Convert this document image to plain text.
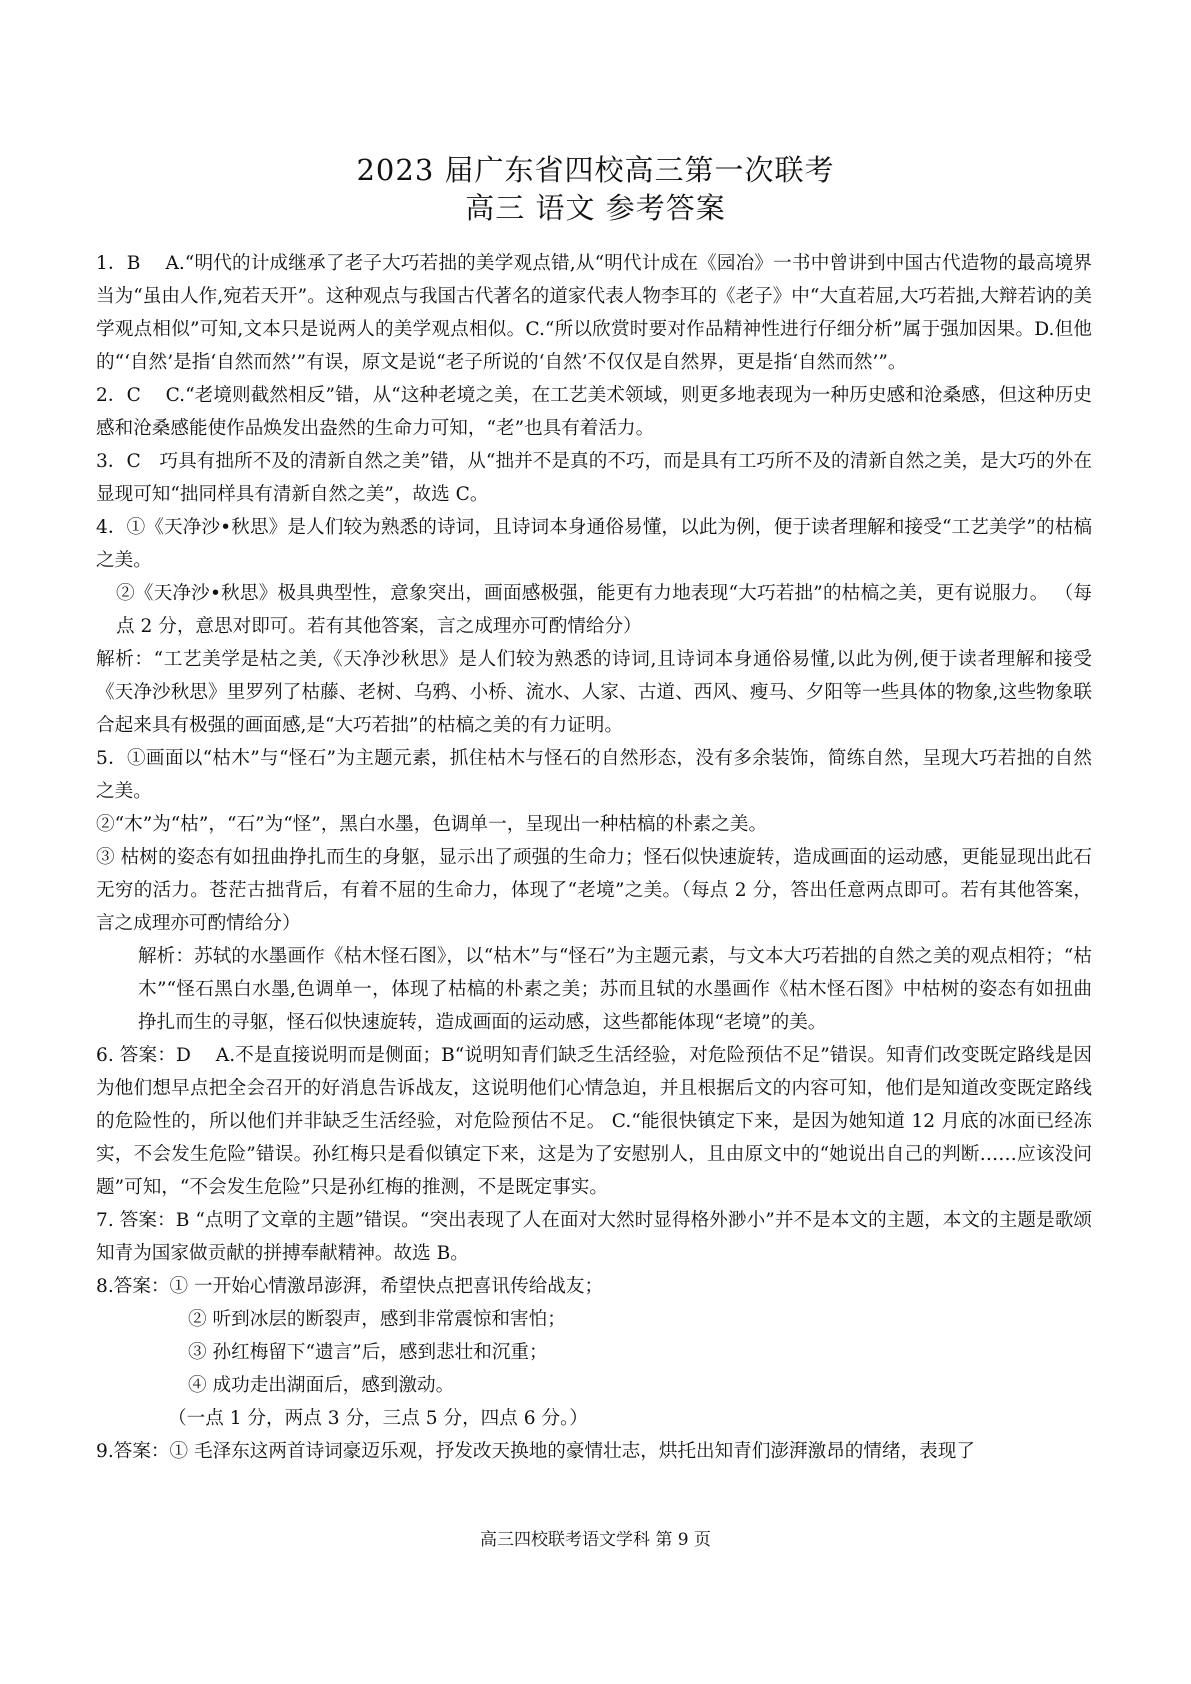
2023 届广东省四校高三第一次联考
高三 语文 参考答案

1．B　 A.“明代的计成继承了老子大巧若拙的美学观点错,从“明代计成在《园冶》一书中曾讲到中国古代造物的最高境界当为“虽由人作,宛若天开”。这种观点与我国古代著名的道家代表人物李耳的《老子》中“大直若屈,大巧若拙,大辩若讷的美学观点相似”可知,文本只是说两人的美学观点相似。C.“所以欣赏时要对作品精神性进行仔细分析”属于强加因果。D.但他的“‘自然’是指‘自然而然’”有误，原文是说“老子所说的‘自然’不仅仅是自然界，更是指‘自然而然’”。

2．C　 C.“老境则截然相反”错，从“这种老境之美，在工艺美术领域，则更多地表现为一种历史感和沧桑感，但这种历史感和沧桑感能使作品焕发出盎然的生命力可知，“老”也具有着活力。

3．C　巧具有拙所不及的清新自然之美”错，从“拙并不是真的不巧，而是具有工巧所不及的清新自然之美，是大巧的外在显现可知“拙同样具有清新自然之美”，故选 C。

4．①《天净沙•秋思》是人们较为熟悉的诗词，且诗词本身通俗易懂，以此为例，便于读者理解和接受“工艺美学”的枯槁之美。

②《天净沙•秋思》极具典型性，意象突出，画面感极强，能更有力地表现“大巧若拙”的枯槁之美，更有说服力。 （每点 2 分，意思对即可。若有其他答案，言之成理亦可酌情给分）

解析：“工艺美学是枯之美,《天净沙秋思》是人们较为熟悉的诗词,且诗词本身通俗易懂,以此为例,便于读者理解和接受《天净沙秋思》里罗列了枯藤、老树、乌鸦、小桥、流水、人家、古道、西风、瘦马、夕阳等一些具体的物象,这些物象联合起来具有极强的画面感,是“大巧若拙”的枯槁之美的有力证明。

5．①画面以“枯木”与“怪石”为主题元素，抓住枯木与怪石的自然形态，没有多余装饰，简练自然，呈现大巧若拙的自然之美。

②“木”为“枯”，“石”为“怪”，黑白水墨，色调单一，呈现出一种枯槁的朴素之美。

③ 枯树的姿态有如扭曲挣扎而生的身躯，显示出了顽强的生命力；怪石似快速旋转，造成画面的运动感，更能显现出此石无穷的活力。苍茫古拙背后，有着不屈的生命力，体现了“老境”之美。（每点 2 分，答出任意两点即可。若有其他答案，言之成理亦可酌情给分）

解析：苏轼的水墨画作《枯木怪石图》，以“枯木”与“怪石”为主题元素，与文本大巧若拙的自然之美的观点相符；“枯木”“怪石黑白水墨,色调单一，体现了枯槁的朴素之美；苏而且轼的水墨画作《枯木怪石图》中枯树的姿态有如扭曲挣扎而生的寻躯，怪石似快速旋转，造成画面的运动感，这些都能体现“老境”的美。

6. 答案：D　 A.不是直接说明而是侧面；B“说明知青们缺乏生活经验，对危险预估不足”错误。知青们改变既定路线是因为他们想早点把全会召开的好消息告诉战友，这说明他们心情急迫，并且根据后文的内容可知，他们是知道改变既定路线的危险性的，所以他们并非缺乏生活经验，对危险预估不足。 C.“能很快镇定下来，是因为她知道 12 月底的冰面已经冻实，不会发生危险”错误。孙红梅只是看似镇定下来，这是为了安慰别人，且由原文中的“她说出自己的判断……应该没问题”可知，“不会发生危险”只是孙红梅的推测，不是既定事实。

7. 答案：B “点明了文章的主题”错误。“突出表现了人在面对大然时显得格外渺小”并不是本文的主题，本文的主题是歌颂知青为国家做贡献的拼搏奉献精神。故选 B。

8.答案：① 一开始心情激昂澎湃，希望快点把喜讯传给战友；

② 听到冰层的断裂声，感到非常震惊和害怕；

③ 孙红梅留下“遗言”后，感到悲壮和沉重；

④ 成功走出湖面后，感到激动。

（一点 1 分，两点 3 分，三点 5 分，四点 6 分。）

9.答案：① 毛泽东这两首诗词豪迈乐观，抒发改天换地的豪情壮志，烘托出知青们澎湃激昂的情绪，表现了

高三四校联考语文学科 第 9 页
